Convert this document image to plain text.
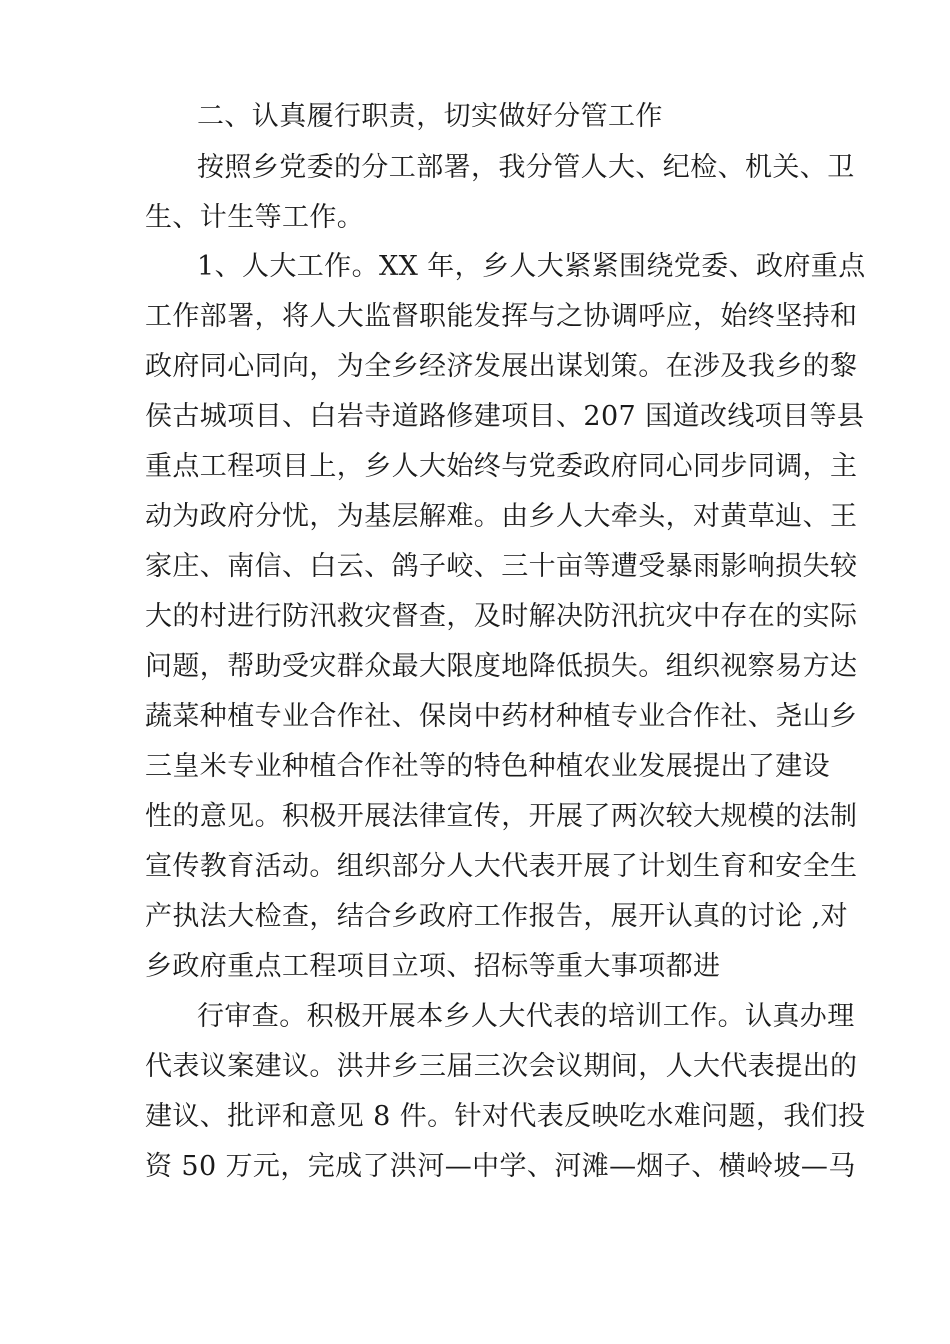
二、认真履行职责，切实做好分管工作
按照乡党委的分工部署，我分管人大、纪检、机关、卫
生、计生等工作。
1、人大工作。XX 年，乡人大紧紧围绕党委、政府重点
工作部署，将人大监督职能发挥与之协调呼应，始终坚持和
政府同心同向，为全乡经济发展出谋划策。在涉及我乡的黎
侯古城项目、白岩寺道路修建项目、207 国道改线项目等县
重点工程项目上，乡人大始终与党委政府同心同步同调，主
动为政府分忧，为基层解难。由乡人大牵头，对黄草辿、王
家庄、南信、白云、鸽子峧、三十亩等遭受暴雨影响损失较
大的村进行防汛救灾督查，及时解决防汛抗灾中存在的实际
问题，帮助受灾群众最大限度地降低损失。组织视察易方达
蔬菜种植专业合作社、保岗中药材种植专业合作社、尧山乡
三皇米专业种植合作社等的特色种植农业发展提出了建设
性的意见。积极开展法律宣传，开展了两次较大规模的法制
宣传教育活动。组织部分人大代表开展了计划生育和安全生
产执法大检查，结合乡政府工作报告，展开认真的讨论 ,对
乡政府重点工程项目立项、招标等重大事项都进
行审查。积极开展本乡人大代表的培训工作。认真办理
代表议案建议。洪井乡三届三次会议期间，人大代表提出的
建议、批评和意见 8 件。针对代表反映吃水难问题，我们投
资 50 万元，完成了洪河—中学、河滩—烟子、横岭坡—马
